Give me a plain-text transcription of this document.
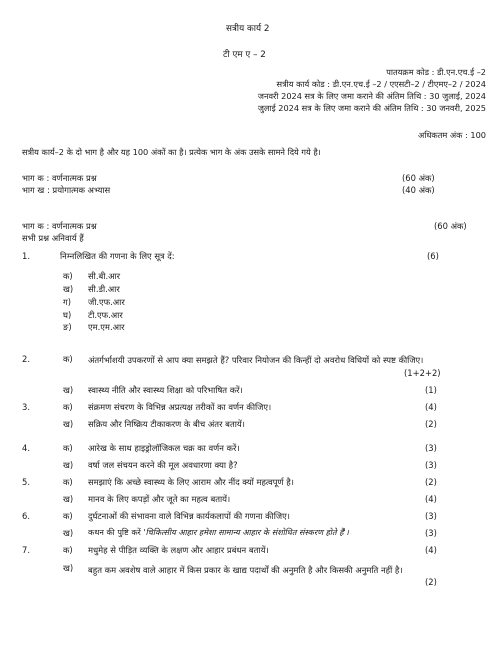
सत्रीय कार्य 2
टी एम ए – 2
पातयक्रम कोड : डी.एन.एच.ई –2
सत्रीय कार्य कोड : डी.एन.एच.ई –2 / एएसटी–2 / टीएमए–2 / 2024
जनवरी 2024 सत्र के लिए जमा कराने की अंतिम तिथि : 30 जुलाई, 2024
जुलाई 2024 सत्र के लिए जमा कराने की अंतिम तिथि : 30 जनवरी, 2025
अधिकतम अंक : 100
सत्रीय कार्य–2 के दो भाग है और यह 100 अंकों का है। प्रत्येक भाग के अंक उसके सामने दिये गये है।
भाग क : वर्णनात्मक प्रश्न	(60 अंक)
भाग ख : प्रयोगात्मक अभ्यास	(40 अंक)
भाग क : वर्णनात्मक प्रश्न	(60 अंक)
सभी प्रश्न अनिवार्य हैं
1.	निम्नलिखित की गणना के लिए सूत्र दें:	(6)
क) सी.बी.आर
ख) सी.डी.आर
ग) जी.एफ.आर
घ) टी.एफ.आर
ङ) एम.एम.आर
2.	क) अंतर्गर्भाशयी उपकरणों से आप क्या समझते हैं? परिवार नियोजन की किन्हीं दो अवरोध विधियों को स्पष्ट कीजिए।
(1+2+2)
ख) स्वास्थ्य नीति और स्वास्थ्य शिक्षा को परिभाषित करें।	(1)
3.	क) संक्रमण संचरण के विभिन्न अप्रत्यक्ष तरीकों का वर्णन कीजिए।	(4)
ख) सक्रिय और निष्क्रिय टीकाकरण के बीच अंतर बतायें।	(2)
4.	क) आरेख के साथ हाइड्रोलॉजिकल चक्र का वर्णन करें।	(3)
ख) वर्षा जल संचयन करने की मूल अवधारणा क्या है?	(3)
5.	क) समझाएं कि अच्छे स्वास्थ्य के लिए आराम और नींद क्यों महत्वपूर्ण है।	(2)
ख) मानव के लिए कपड़ों और जूते का महत्व बतायें।	(4)
6.	क) दुर्घटनाओं की संभावना वाले विभिन्न कार्यकलापों की गणना कीजिए।	(3)
ख) कथन की पुष्टि करें 'चिकित्सीय आहार हमेशा सामान्य आहार के संशोधित संस्करण होते हैं'।	(3)
7.	क) मधुमेह से पीड़ित व्यक्ति के लक्षण और आहार प्रबंधन बतायें।	(4)
ख) बहुत कम अवशेष वाले आहार में किस प्रकार के खाद्य पदार्थों की अनुमति है और किसकी अनुमति नहीं है।
(2)
